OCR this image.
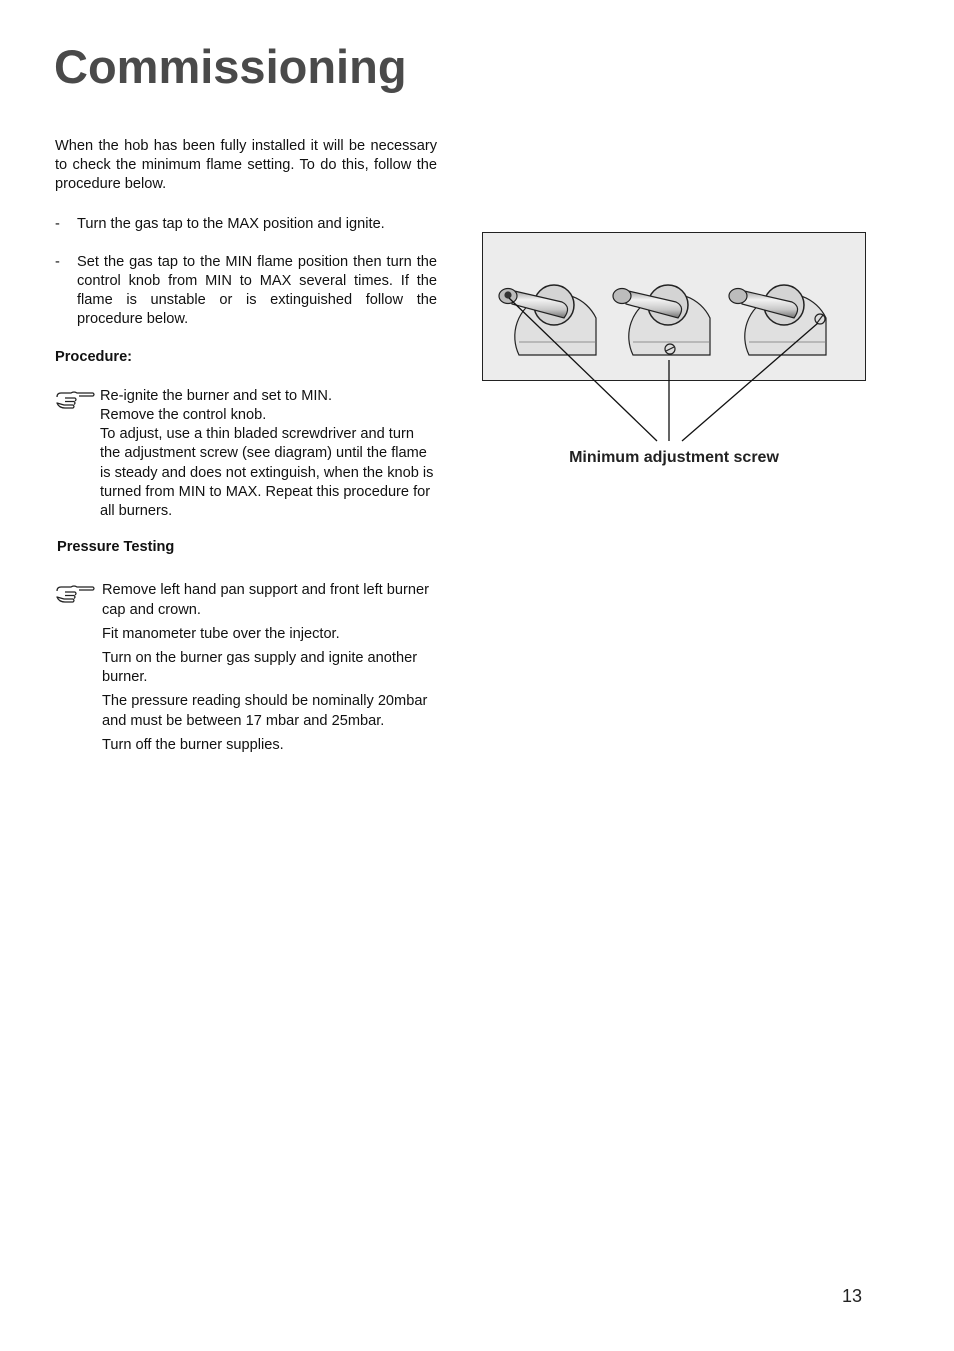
Commissioning

When the hob has been fully installed it will be necessary to check the minimum flame setting. To do this, follow the procedure below.

-	Turn the gas tap to the MAX position and ignite.
-	Set the gas tap to the MIN flame position then turn the control knob from MIN to MAX several times. If the flame is unstable or is extinguished follow the procedure below.

Procedure:

Re-ignite the burner and set to MIN.

Remove the control knob.

To adjust, use a thin bladed screwdriver and turn the adjustment screw (see diagram) until the flame is steady and does not extinguish, when the knob is turned from MIN to MAX. Repeat this procedure for all burners.

Pressure Testing

Remove left hand pan support and front left burner cap and crown.

Fit manometer tube over the injector.

Turn on the burner gas supply and ignite another burner.

The pressure reading should be nominally 20mbar and must be between 17 mbar and 25mbar.

Turn off the burner supplies.

Minimum adjustment screw
13
